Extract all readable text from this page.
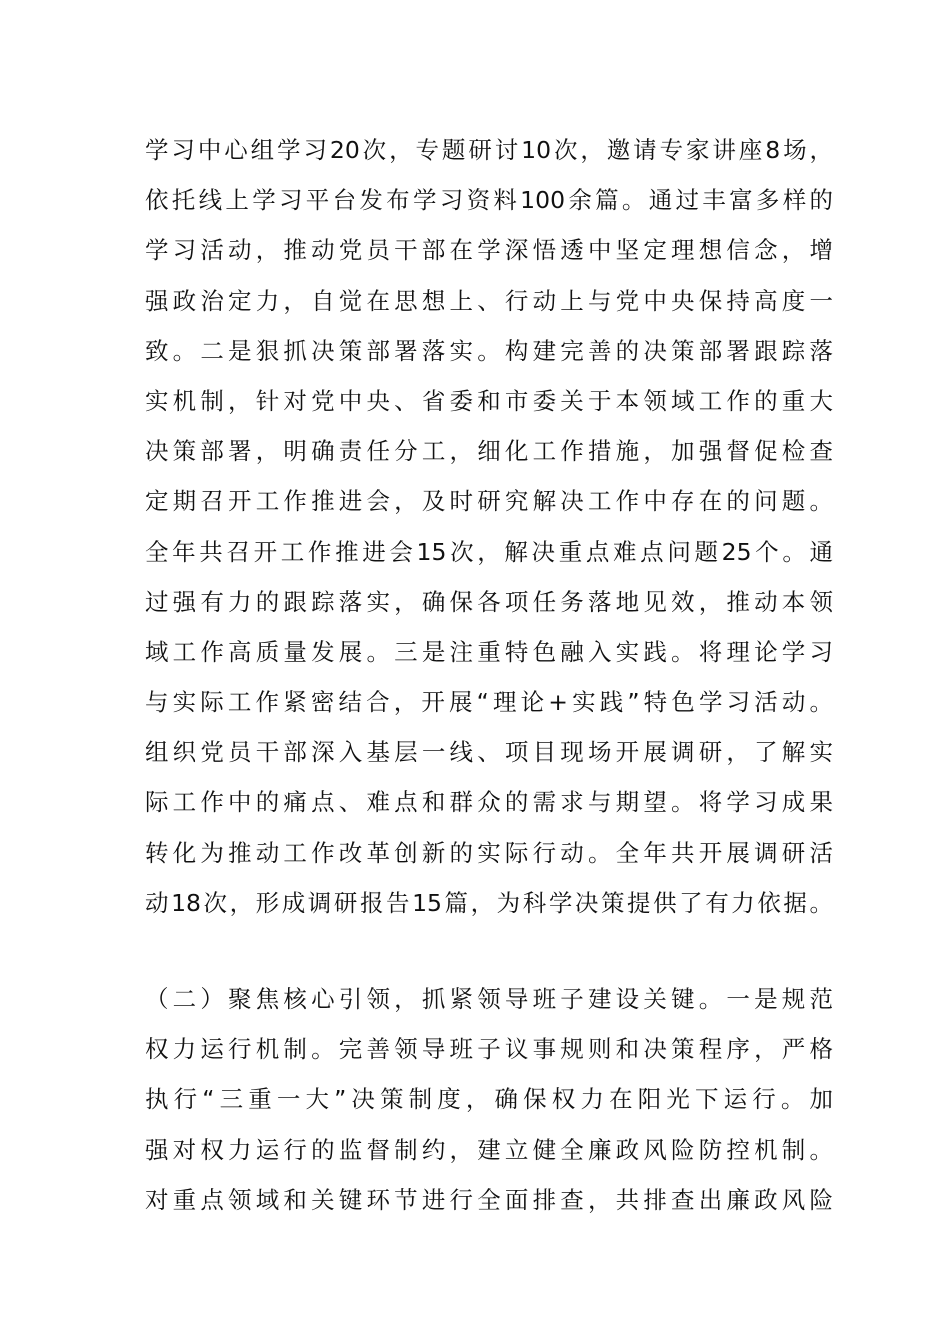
学习中心组学习20次，专题研讨10次，邀请专家讲座8场，
依托线上学习平台发布学习资料100余篇。通过丰富多样的
学习活动，推动党员干部在学深悟透中坚定理想信念，增
强政治定力，自觉在思想上、行动上与党中央保持高度一
致。二是狠抓决策部署落实。构建完善的决策部署跟踪落
实机制，针对党中央、省委和市委关于本领域工作的重大
决策部署，明确责任分工，细化工作措施，加强督促检查
定期召开工作推进会，及时研究解决工作中存在的问题。
全年共召开工作推进会15次，解决重点难点问题25个。通
过强有力的跟踪落实，确保各项任务落地见效，推动本领
域工作高质量发展。三是注重特色融入实践。将理论学习
与实际工作紧密结合，开展“理论+实践”特色学习活动。
组织党员干部深入基层一线、项目现场开展调研，了解实
际工作中的痛点、难点和群众的需求与期望。将学习成果
转化为推动工作改革创新的实际行动。全年共开展调研活
动18次，形成调研报告15篇，为科学决策提供了有力依据。
（二）聚焦核心引领，抓紧领导班子建设关键。一是规范
权力运行机制。完善领导班子议事规则和决策程序，严格
执行“三重一大”决策制度，确保权力在阳光下运行。加
强对权力运行的监督制约，建立健全廉政风险防控机制。
对重点领域和关键环节进行全面排查，共排查出廉政风险
